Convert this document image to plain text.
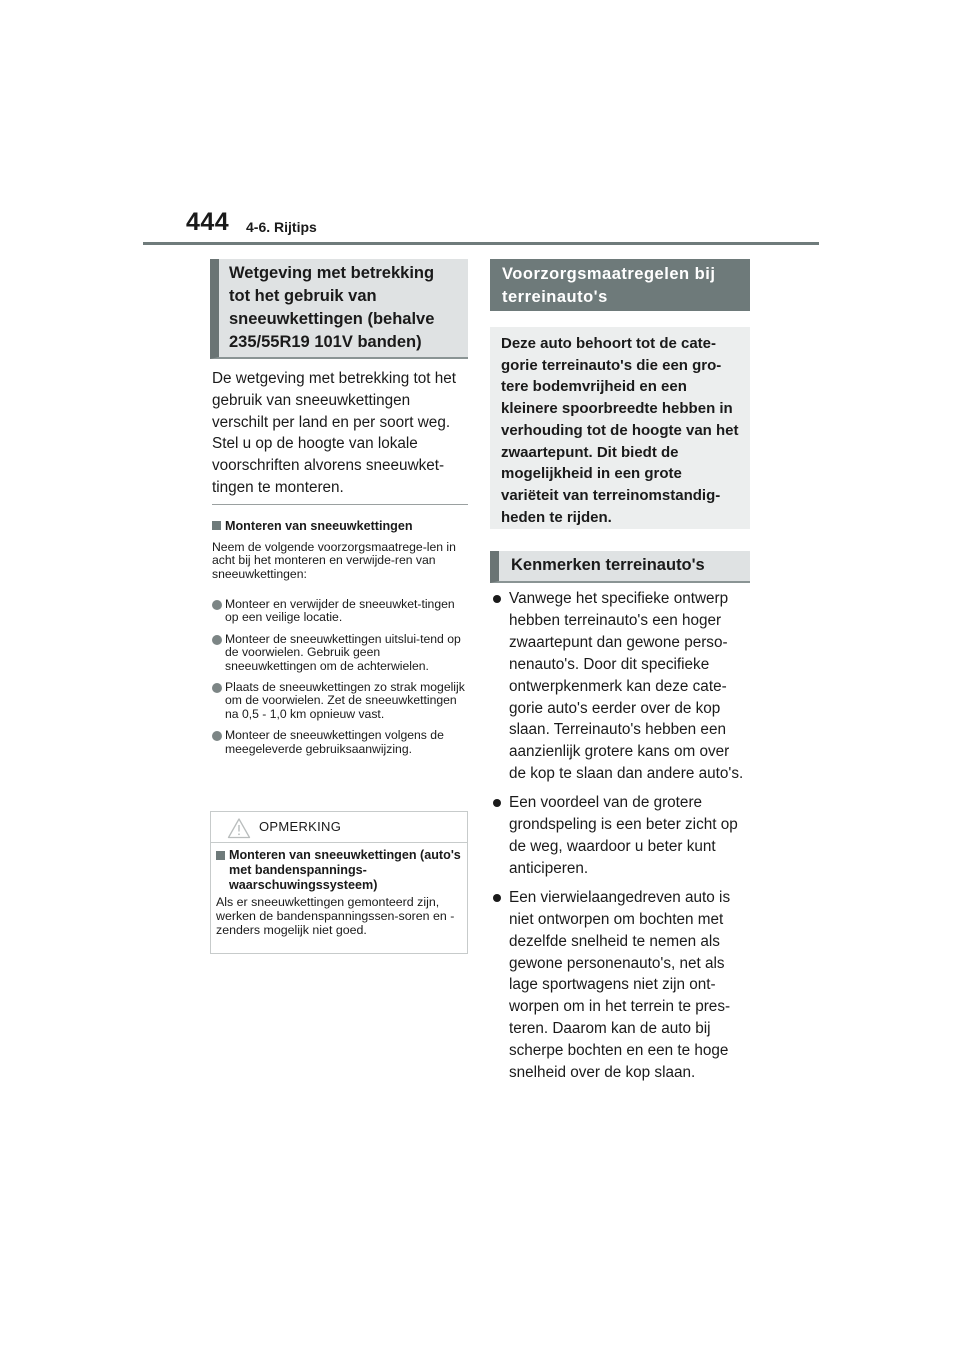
444 4-6. Rijtips
Wetgeving met betrekking tot het gebruik van sneeuwkettingen (behalve 235/55R19 101V banden)
De wetgeving met betrekking tot het gebruik van sneeuwkettingen verschilt per land en per soort weg. Stel u op de hoogte van lokale voorschriften alvorens sneeuwket-tingen te monteren.
Monteren van sneeuwkettingen
Neem de volgende voorzorgsmaatrege-len in acht bij het monteren en verwijde-ren van sneeuwkettingen:
Monteer en verwijder de sneeuwket-tingen op een veilige locatie.
Monteer de sneeuwkettingen uitslui-tend op de voorwielen. Gebruik geen sneeuwkettingen om de achterwielen.
Plaats de sneeuwkettingen zo strak mogelijk om de voorwielen. Zet de sneeuwkettingen na 0,5 - 1,0 km opnieuw vast.
Monteer de sneeuwkettingen volgens de meegeleverde gebruiksaanwijzing.
OPMERKING
Monteren van sneeuwkettingen (auto's met bandenspannings-waarschuwingssysteem)
Als er sneeuwkettingen gemonteerd zijn, werken de bandenspanningssen-soren en -zenders mogelijk niet goed.
Voorzorgsmaatregelen bij terreinauto's
Deze auto behoort tot de cate-gorie terreinauto's die een gro-tere bodemvrijheid en een kleinere spoorbreedte hebben in verhouding tot de hoogte van het zwaartepunt. Dit biedt de mogelijkheid in een grote variëteit van terreinomstandig-heden te rijden.
Kenmerken terreinauto's
Vanwege het specifieke ontwerp hebben terreinauto's een hoger zwaartepunt dan gewone perso-nenauto's. Door dit specifieke ontwerpkenmerk kan deze cate-gorie auto's eerder over de kop slaan. Terreinauto's hebben een aanzienlijk grotere kans om over de kop te slaan dan andere auto's.
Een voordeel van de grotere grondspeling is een beter zicht op de weg, waardoor u beter kunt anticiperen.
Een vierwielaangedreven auto is niet ontworpen om bochten met dezelfde snelheid te nemen als gewone personenauto's, net als lage sportwagens niet zijn ont-worpen om in het terrein te pres-teren. Daarom kan de auto bij scherpe bochten en een te hoge snelheid over de kop slaan.
